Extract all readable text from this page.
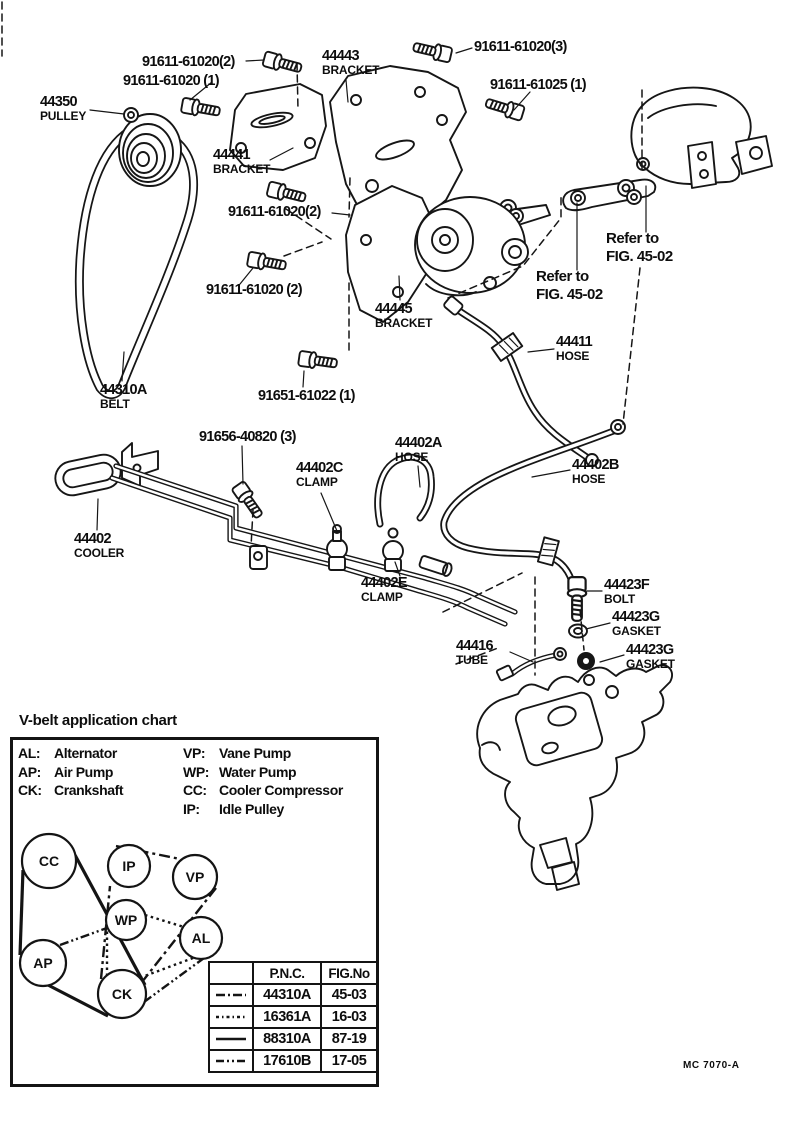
CC	IP
VP
WP
AL
AP
CK
91611-61020(2)
91611-61020 (1)
44350
PULLEY
44443
BRACKET
44441
BRACKET
91611-61020(3)
91611-61025 (1)
91611-61020(2)
91611-61020 (2)
44445
BRACKET
44411
HOSE
44310A
BELT
91651-61022 (1)
91656-40820 (3)	44402A
HOSE
44402C
CLAMP
44402B
HOSE
44402
COOLER
44402E
CLAMP
44423F
BOLT
44423G
GASKET
44416
TUBE
44423G
GASKET
Refer to
FIG. 45-02
Refer to
FIG. 45-02
V-belt application chart
AL: Alternator
AP: Air Pump
CK: Crankshaft
VP: Vane Pump
WP: Water Pump
CC: Cooler Compressor
IP:	Idle Pulley
	P.N.C.	FIG.No
	44310A	45-03
	16361A	16-03
	88310A	87-19
	17610B	17-05	MC 7070-A
